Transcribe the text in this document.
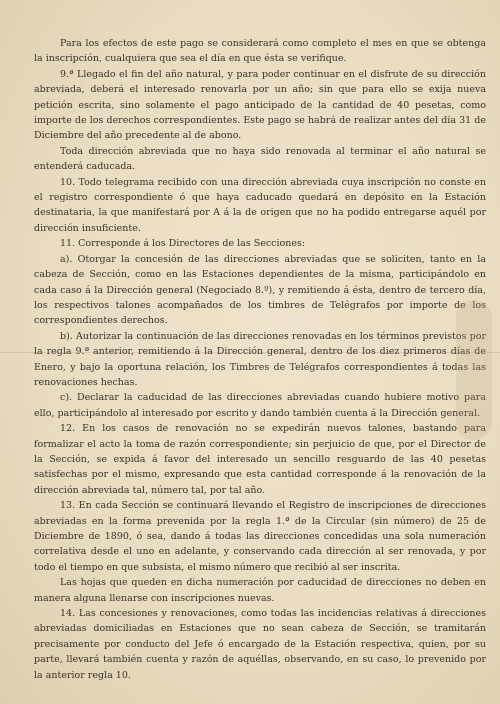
Para los efectos de este pago se considerará como completo el mes en que se obtenga la inscripción, cualquiera que sea el día en que ésta se verifique.

9.ª Llegado el fin del año natural, y para poder continuar en el disfrute de su dirección abreviada, deberá el interesado renovarla por un año; sin que para ello se exija nueva petición escrita, sino solamente el pago anticipado de la cantidad de 40 pesetas, como importe de los derechos correspondientes. Este pago se habrá de realizar antes del día 31 de Diciembre del año precedente al de abono.

Toda dirección abreviada que no haya sido renovada al terminar el año natural se entenderá caducada.

10. Todo telegrama recibido con una dirección abreviada cuya inscripción no conste en el registro correspondiente ó que haya caducado quedará en depósito en la Estación destinataria, la que manifestará por A á la de origen que no ha podido entregarse aquél por dirección insuficiente.

11. Corresponde á los Directores de las Secciones:

a). Otorgar la concesión de las direcciones abreviadas que se soliciten, tanto en la cabeza de Sección, como en las Estaciones dependientes de la misma, participándolo en cada caso á la Dirección general (Negociado 8.º), y remitiendo á ésta, dentro de tercero día, los respectivos talones acompañados de los timbres de Telégrafos por importe de los correspondientes derechos.

b). Autorizar la continuación de las direcciones renovadas en los términos previstos por la regla 9.ª anterior, remitiendo á la Dirección general, dentro de los diez primeros días de Enero, y bajo la oportuna relación, los Timbres de Telégrafos correspondientes á todas las renovaciones hechas.

c). Declarar la caducidad de las direcciones abreviadas cuando hubiere motivo para ello, participándolo al interesado por escrito y dando también cuenta á la Dirección general.

12. En los casos de renovación no se expedirán nuevos talones, bastando para formalizar el acto la toma de razón correspondiente; sin perjuicio de que, por el Director de la Sección, se expida á favor del interesado un sencillo resguardo de las 40 pesetas satisfechas por el mismo, expresando que esta cantidad corresponde á la renovación de la dirección abreviada tal, número tal, por tal año.

13. En cada Sección se continuará llevando el Registro de inscripciones de direcciones abreviadas en la forma prevenida por la regla 1.ª de la Circular (sin número) de 25 de Diciembre de 1890, ó sea, dando á todas las direcciones concedidas una sola numeración correlativa desde el uno en adelante, y conservando cada dirección al ser renovada, y por todo el tiempo en que subsista, el mismo número que recibió al ser inscrita.

Las hojas que queden en dicha numeración por caducidad de direcciones no deben en manera alguna llenarse con inscripciones nuevas.

14. Las concesiones y renovaciones, como todas las incidencias relativas á direcciones abreviadas domiciliadas en Estaciones que no sean cabeza de Sección, se tramitarán precisamente por conducto del Jefe ó encargado de la Estación respectiva, quien, por su parte, llevará también cuenta y razón de aquéllas, observando, en su caso, lo prevenido por la anterior regla 10.
